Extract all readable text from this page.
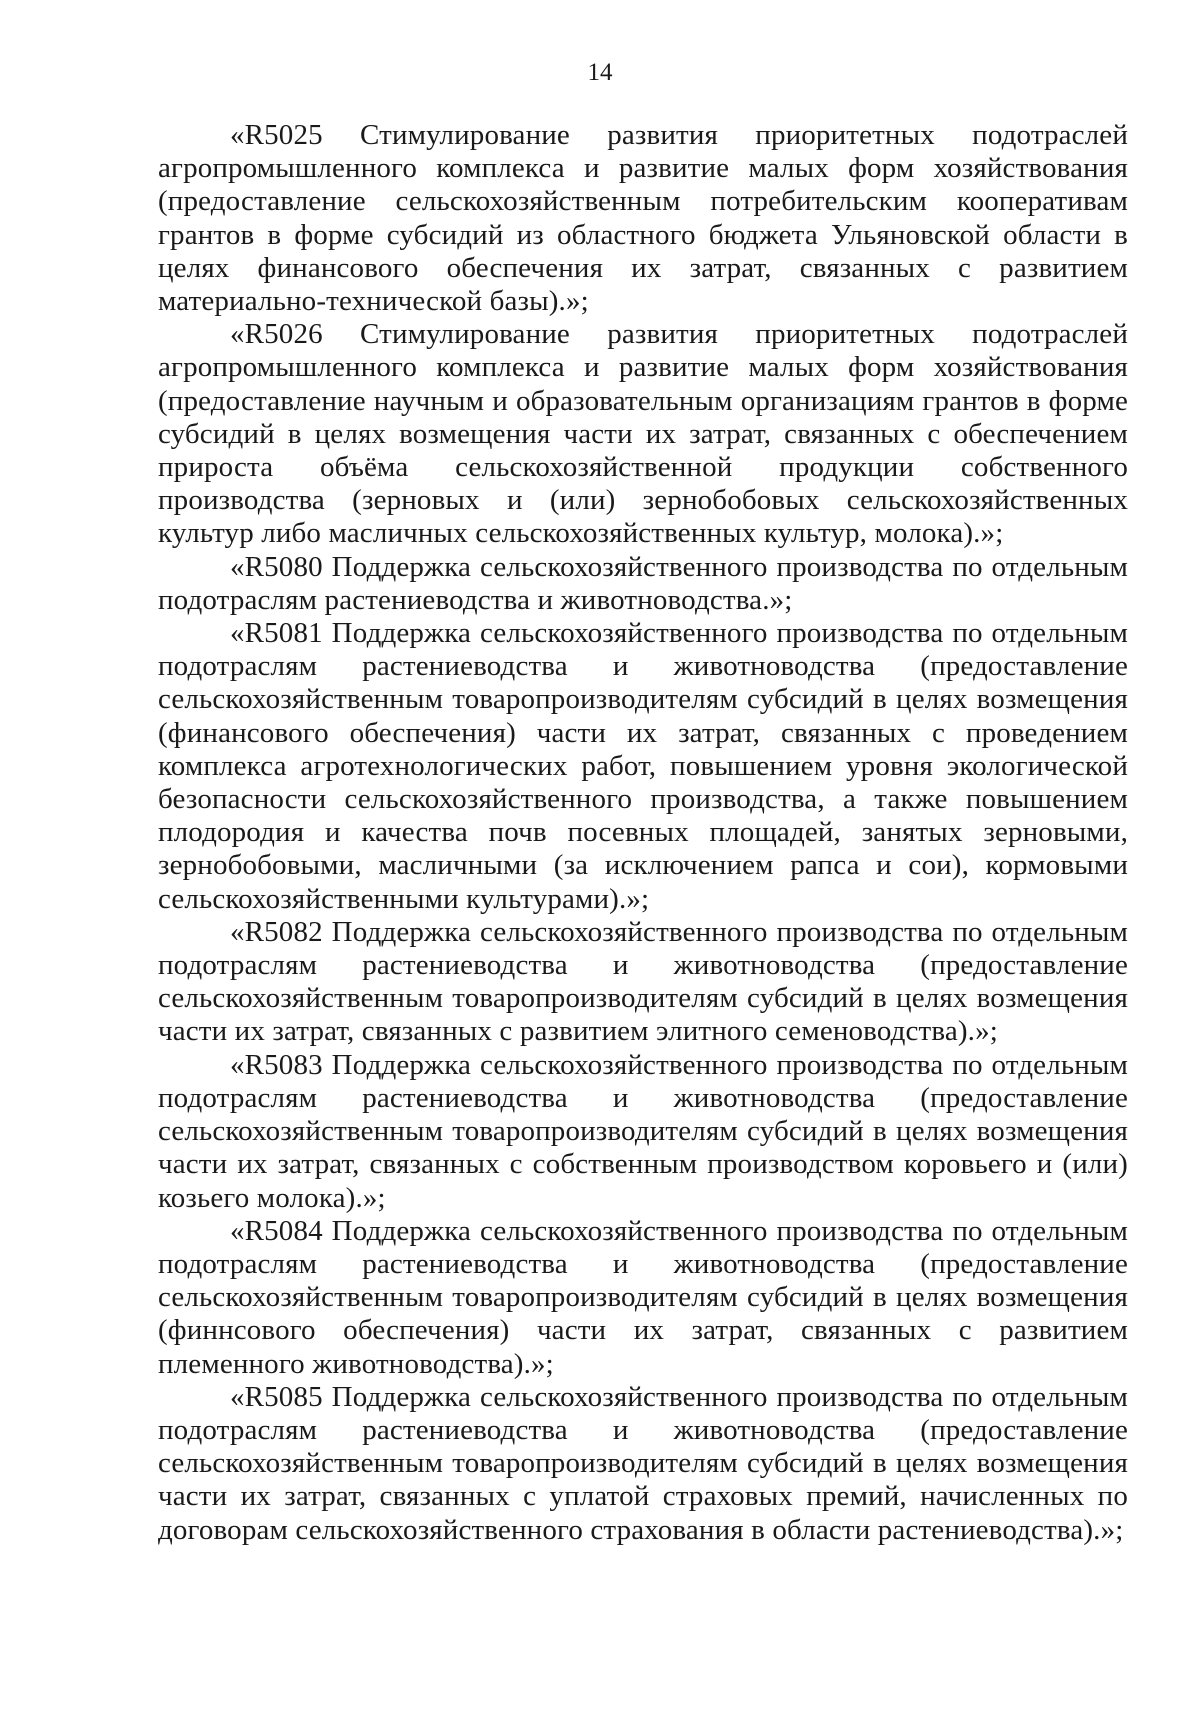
14

«R5025 Стимулирование развития приоритетных подотраслей агропромышленного комплекса и развитие малых форм хозяйствования (предоставление сельскохозяйственным потребительским кооперативам грантов в форме субсидий из областного бюджета Ульяновской области в целях финансового обеспечения их затрат, связанных с развитием материально-технической базы).»;

«R5026 Стимулирование развития приоритетных подотраслей агропромышленного комплекса и развитие малых форм хозяйствования (предоставление научным и образовательным организациям грантов в форме субсидий в целях возмещения части их затрат, связанных с обеспечением прироста объёма сельскохозяйственной продукции собственного производства (зерновых и (или) зернобобовых сельскохозяйственных культур либо масличных сельскохозяйственных культур, молока).»;

«R5080 Поддержка сельскохозяйственного производства по отдельным подотраслям растениеводства и животноводства.»;

«R5081 Поддержка сельскохозяйственного производства по отдельным подотраслям растениеводства и животноводства (предоставление сельскохозяйственным товаропроизводителям субсидий в целях возмещения (финансового обеспечения) части их затрат, связанных с проведением комплекса агротехнологических работ, повышением уровня экологической безопасности сельскохозяйственного производства, а также повышением плодородия и качества почв посевных площадей, занятых зерновыми, зернобобовыми, масличными (за исключением рапса и сои), кормовыми сельскохозяйственными культурами).»;

«R5082 Поддержка сельскохозяйственного производства по отдельным подотраслям растениеводства и животноводства (предоставление сельскохозяйственным товаропроизводителям субсидий в целях возмещения части их затрат, связанных с развитием элитного семеноводства).»;

«R5083 Поддержка сельскохозяйственного производства по отдельным подотраслям растениеводства и животноводства (предоставление сельскохозяйственным товаропроизводителям субсидий в целях возмещения части их затрат, связанных с собственным производством коровьего и (или) козьего молока).»;

«R5084 Поддержка сельскохозяйственного производства по отдельным подотраслям растениеводства и животноводства (предоставление сельскохозяйственным товаропроизводителям субсидий в целях возмещения (финнсового обеспечения) части их затрат, связанных с развитием племенного животноводства).»;

«R5085 Поддержка сельскохозяйственного производства по отдельным подотраслям растениеводства и животноводства (предоставление сельскохозяйственным товаропроизводителям субсидий в целях возмещения части их затрат, связанных с уплатой страховых премий, начисленных по договорам сельскохозяйственного страхования в области растениеводства).»;
